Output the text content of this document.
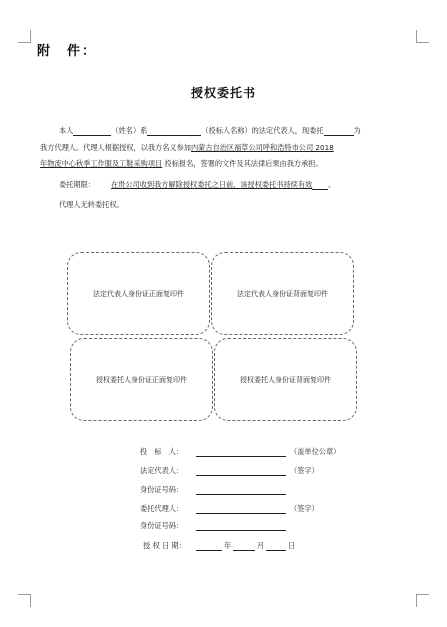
附　件：
授权委托书
本人	（姓名）系	（投标人名称）的法定代表人，现委托	为
我方代理人。代理人根据授权，以我方名义参加内蒙古自治区福草公司呼和浩特市公司 2018
年物流中心秋季工作服及工鞋采购项目 投标报名，签署的文件及其法律后果由我方承担。
委托期限： 在贵公司收到我方解除授权委托之日前，该授权委托书持续有效 。
代理人无转委托权。
法定代表人身份证正面复印件	法定代表人身份证背面复印件
授权委托人身份证正面复印件	授权委托人身份证背面复印件
投　标　人：	（盖单位公章）
法定代表人：	（签字）
身份证号码：
委托代理人：	（签字）
身份证号码：
授 权 日 期：	年	月	日
